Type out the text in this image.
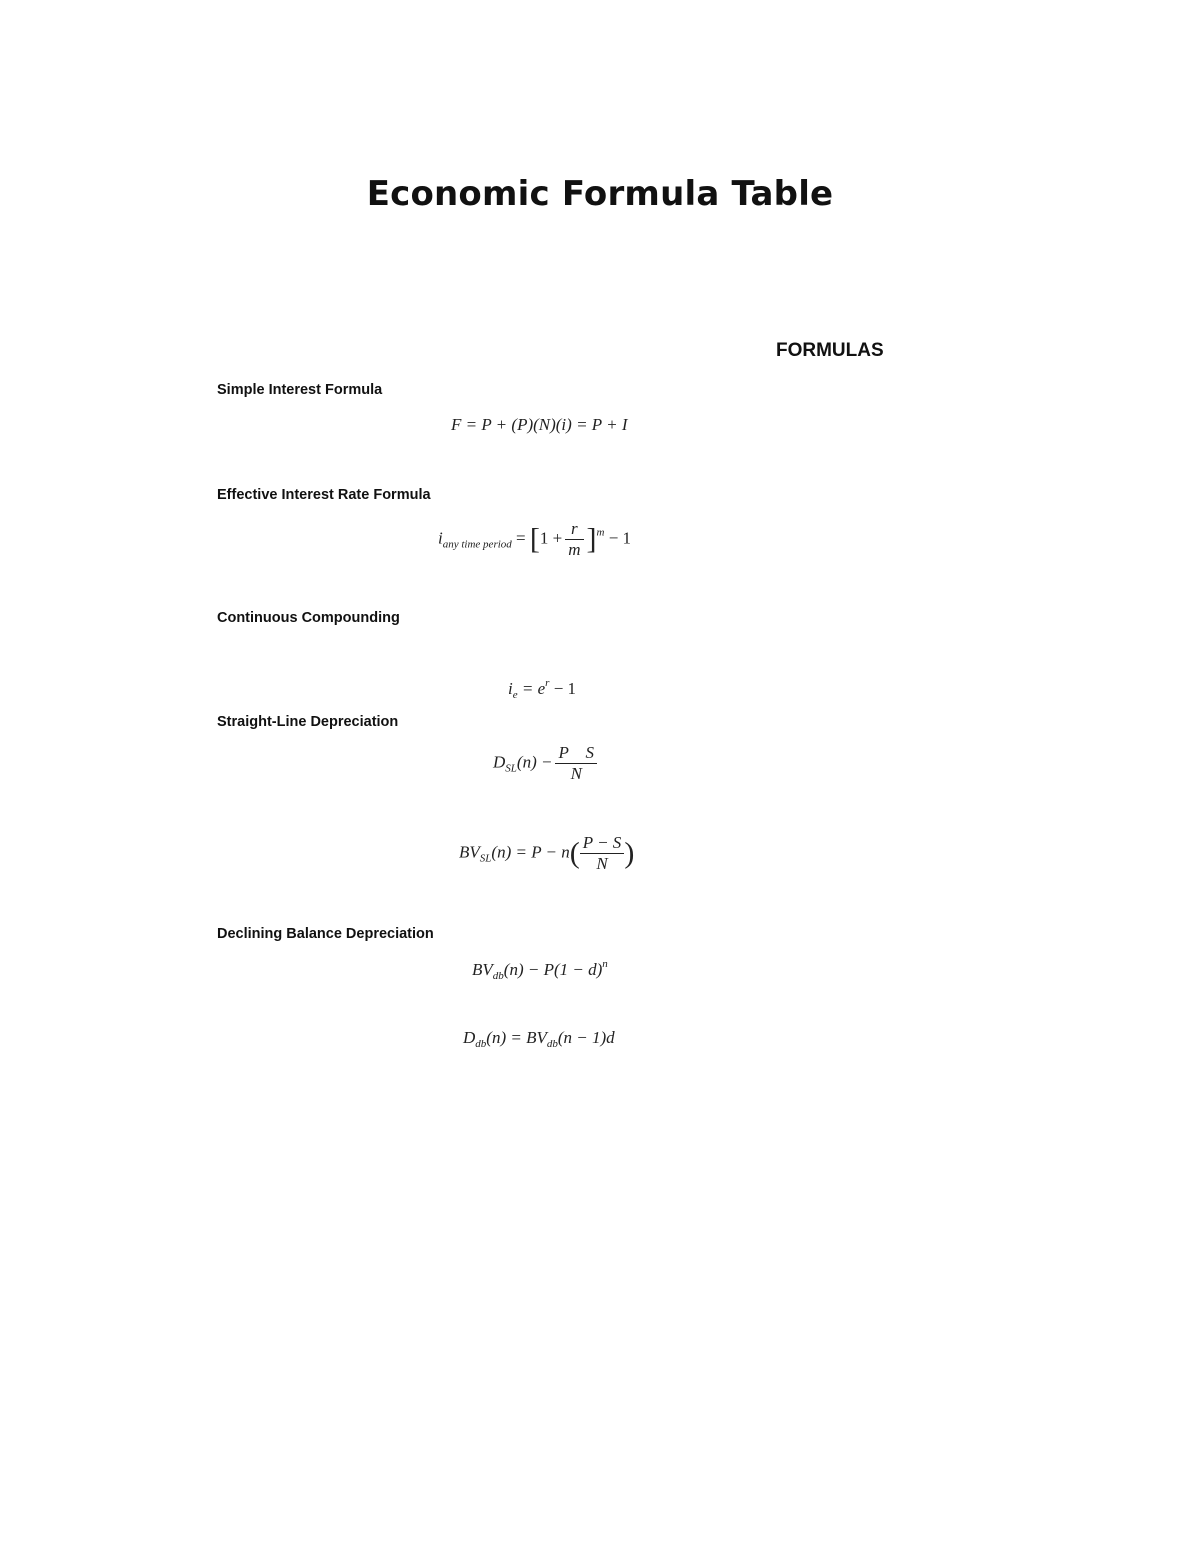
Economic Formula Table
FORMULAS
Simple Interest Formula
F = P + (P)(N)(i) = P + I
Effective Interest Rate Formula
$i_{any time period} = [1 + \frac{r}{m} ]^m - 1$
Continuous Compounding
$i_e = e^r - 1$
Straight-Line Depreciation
$D_{SL}(n) - \frac{\text{P    S}}{N}$
$BV_{SL}(n) = P - n( \frac{P - S}{N}$ )
Declining Balance Depreciation
$BV_{db}(n) - P(1 - d)^n$
$D_{db}(n) = BV_{db}(n - 1)d$
